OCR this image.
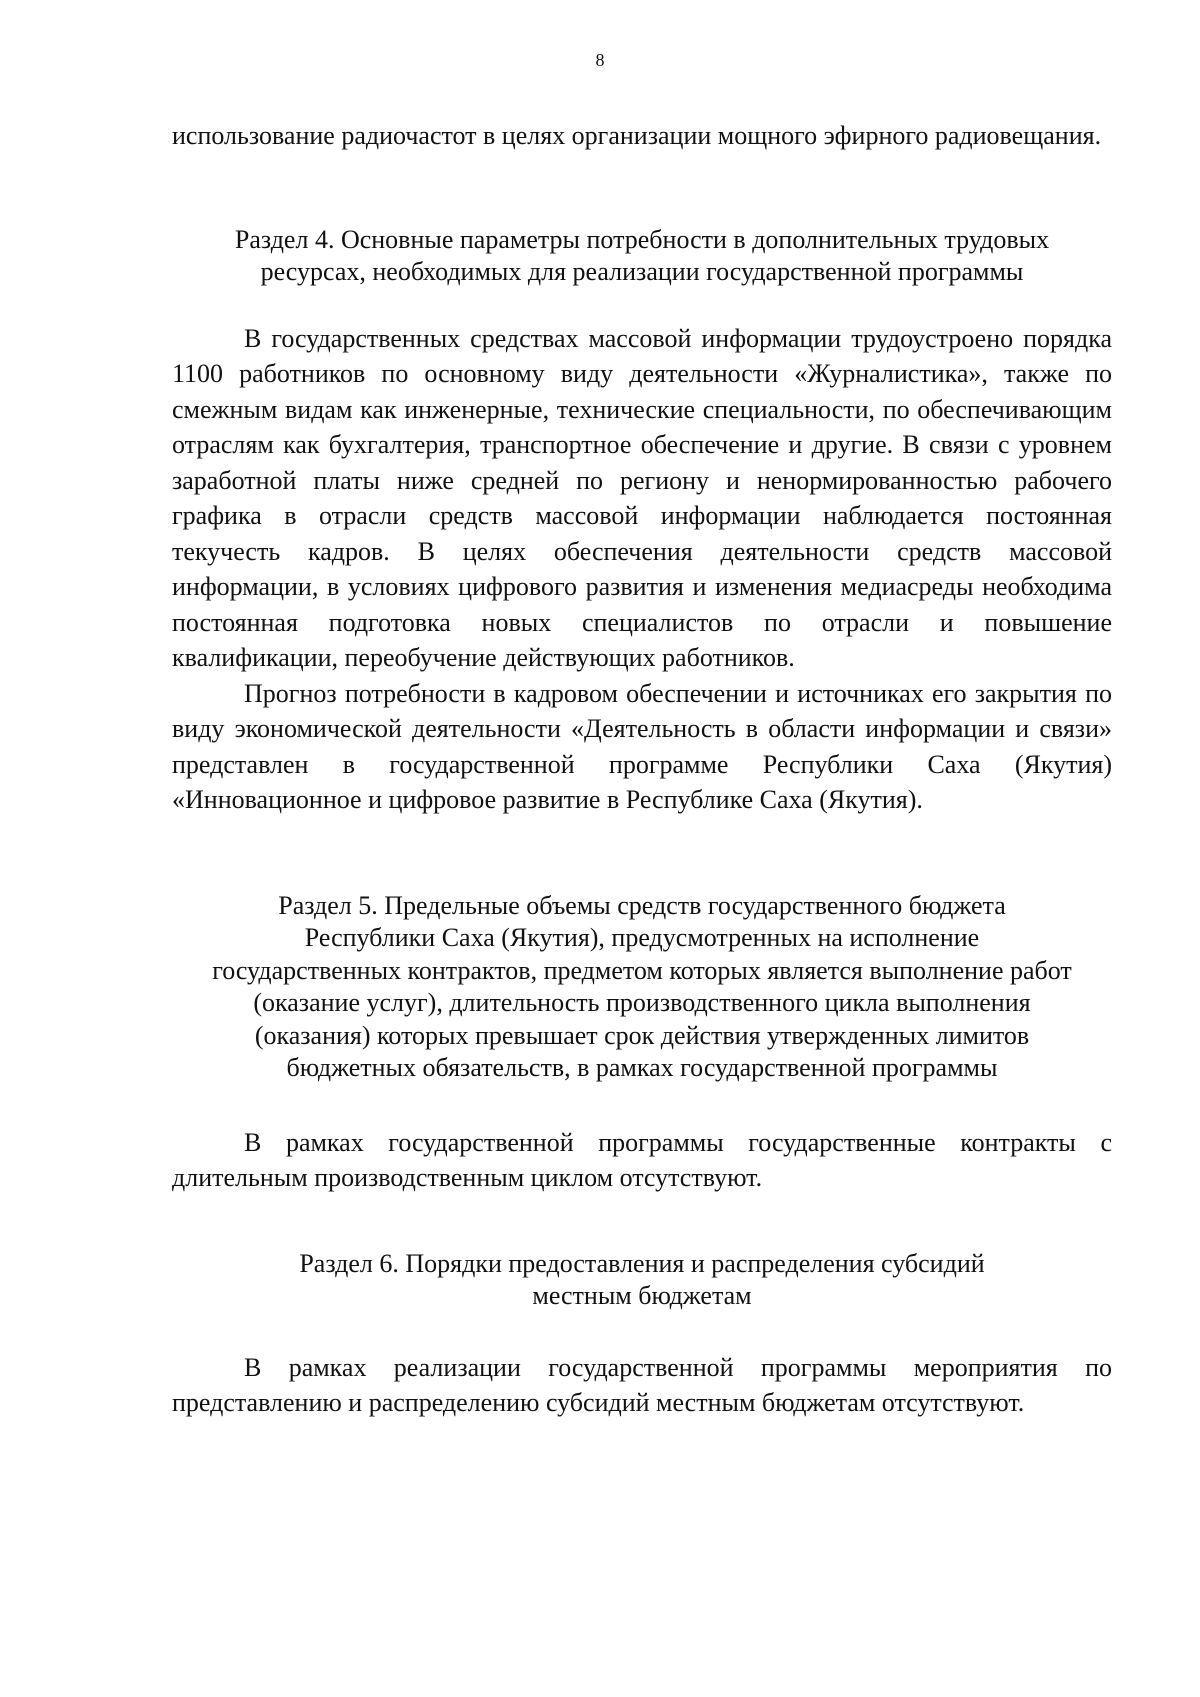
8

использование радиочастот в целях организации мощного эфирного радиовещания.

Раздел 4. Основные параметры потребности в дополнительных трудовых
ресурсах, необходимых для реализации государственной программы

В государственных средствах массовой информации трудоустроено порядка 1100 работников по основному виду деятельности «Журналистика», также по смежным видам как инженерные, технические специальности, по обеспечивающим отраслям как бухгалтерия, транспортное обеспечение и другие. В связи с уровнем заработной платы ниже средней по региону и ненормированностью рабочего графика в отрасли средств массовой информации наблюдается постоянная текучесть кадров. В целях обеспечения деятельности средств массовой информации, в условиях цифрового развития и изменения медиасреды необходима постоянная подготовка новых специалистов по отрасли и повышение квалификации, переобучение действующих работников.

Прогноз потребности в кадровом обеспечении и источниках его закрытия по виду экономической деятельности «Деятельность в области информации и связи» представлен в государственной программе Республики Саха (Якутия) «Инновационное и цифровое развитие в Республике Саха (Якутия).

Раздел 5. Предельные объемы средств государственного бюджета
Республики Саха (Якутия), предусмотренных на исполнение
государственных контрактов, предметом которых является выполнение работ
(оказание услуг), длительность производственного цикла выполнения
(оказания) которых превышает срок действия утвержденных лимитов
бюджетных обязательств, в рамках государственной программы

В рамках государственной программы государственные контракты с длительным производственным циклом отсутствуют.

Раздел 6. Порядки предоставления и распределения субсидий
местным бюджетам

В рамках реализации государственной программы мероприятия по представлению и распределению субсидий местным бюджетам отсутствуют.
